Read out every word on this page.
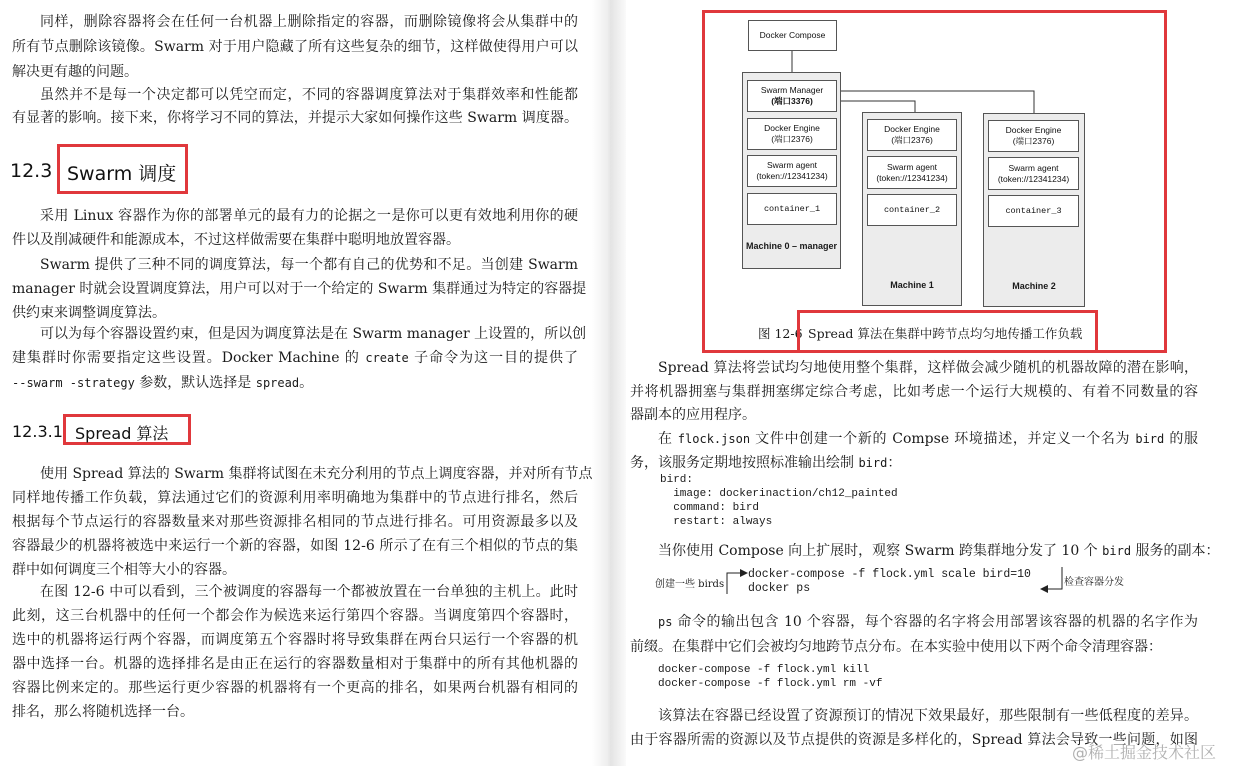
同样，删除容器将会在任何一台机器上删除指定的容器，而删除镜像将会从集群中的
所有节点删除该镜像。Swarm 对于用户隐藏了所有这些复杂的细节，这样做使得用户可以
解决更有趣的问题。
虽然并不是每一个决定都可以凭空而定，不同的容器调度算法对于集群效率和性能都
有显著的影响。接下来，你将学习不同的算法，并提示大家如何操作这些 Swarm 调度器。
12.3 Swarm 调度
采用 Linux 容器作为你的部署单元的最有力的论据之一是你可以更有效地利用你的硬
件以及削减硬件和能源成本，不过这样做需要在集群中聪明地放置容器。
Swarm 提供了三种不同的调度算法，每一个都有自己的优势和不足。当创建 Swarm
manager 时就会设置调度算法，用户可以对于一个给定的 Swarm 集群通过为特定的容器提
供约束来调整调度算法。
可以为每个容器设置约束，但是因为调度算法是在 Swarm manager 上设置的，所以创
建集群时你需要指定这些设置。Docker Machine 的 create 子命令为这一目的提供了
--swarm -strategy 参数，默认选择是 spread。
12.3.1 Spread 算法
使用 Spread 算法的 Swarm 集群将试图在未充分利用的节点上调度容器，并对所有节点
同样地传播工作负载，算法通过它们的资源利用率明确地为集群中的节点进行排名，然后
根据每个节点运行的容器数量来对那些资源排名相同的节点进行排名。可用资源最多以及
容器最少的机器将被选中来运行一个新的容器，如图 12-6 所示了在有三个相似的节点的集
群中如何调度三个相等大小的容器。
在图 12-6 中可以看到，三个被调度的容器每一个都被放置在一台单独的主机上。此时
此刻，这三台机器中的任何一个都会作为候选来运行第四个容器。当调度第四个容器时，
选中的机器将运行两个容器，而调度第五个容器时将导致集群在两台只运行一个容器的机
器中选择一台。机器的选择排名是由正在运行的容器数量相对于集群中的所有其他机器的
容器比例来定的。那些运行更少容器的机器将有一个更高的排名，如果两台机器有相同的
排名，那么将随机选择一台。
Docker Compose
Swarm Manager
(端口3376)
Docker Engine
(端口2376)
Swarm agent
(token://12341234)
container_1
Machine 0 – manager
Docker Engine
(端口2376)
Swarm agent
(token://12341234)
container_2
Machine 1
Docker Engine
(端口2376)
Swarm agent
(token://12341234)
container_3
Machine 2
图 12-6 Spread 算法在集群中跨节点均匀地传播工作负载
Spread 算法将尝试均匀地使用整个集群，这样做会减少随机的机器故障的潜在影响，
并将机器拥塞与集群拥塞绑定综合考虑，比如考虑一个运行大规模的、有着不同数量的容
器副本的应用程序。
在 flock.json 文件中创建一个新的 Compse 环境描述，并定义一个名为 bird 的服
务，该服务定期地按照标准输出绘制 bird：
bird:
image: dockerinaction/ch12_painted
command: bird
restart: always
当你使用 Compose 向上扩展时，观察 Swarm 跨集群地分发了 10 个 bird 服务的副本：
创建一些 birds
docker-compose -f flock.yml scale bird=10
docker ps	检查容器分发
ps 命令的输出包含 10 个容器，每个容器的名字将会用部署该容器的机器的名字作为
前缀。在集群中它们会被均匀地跨节点分布。在本实验中使用以下两个命令清理容器：
docker-compose -f flock.yml kill
docker-compose -f flock.yml rm -vf
该算法在容器已经设置了资源预订的情况下效果最好，那些限制有一些低程度的差异。
由于容器所需的资源以及节点提供的资源是多样化的，Spread 算法会导致一些问题，如图
@稀土掘金技术社区
